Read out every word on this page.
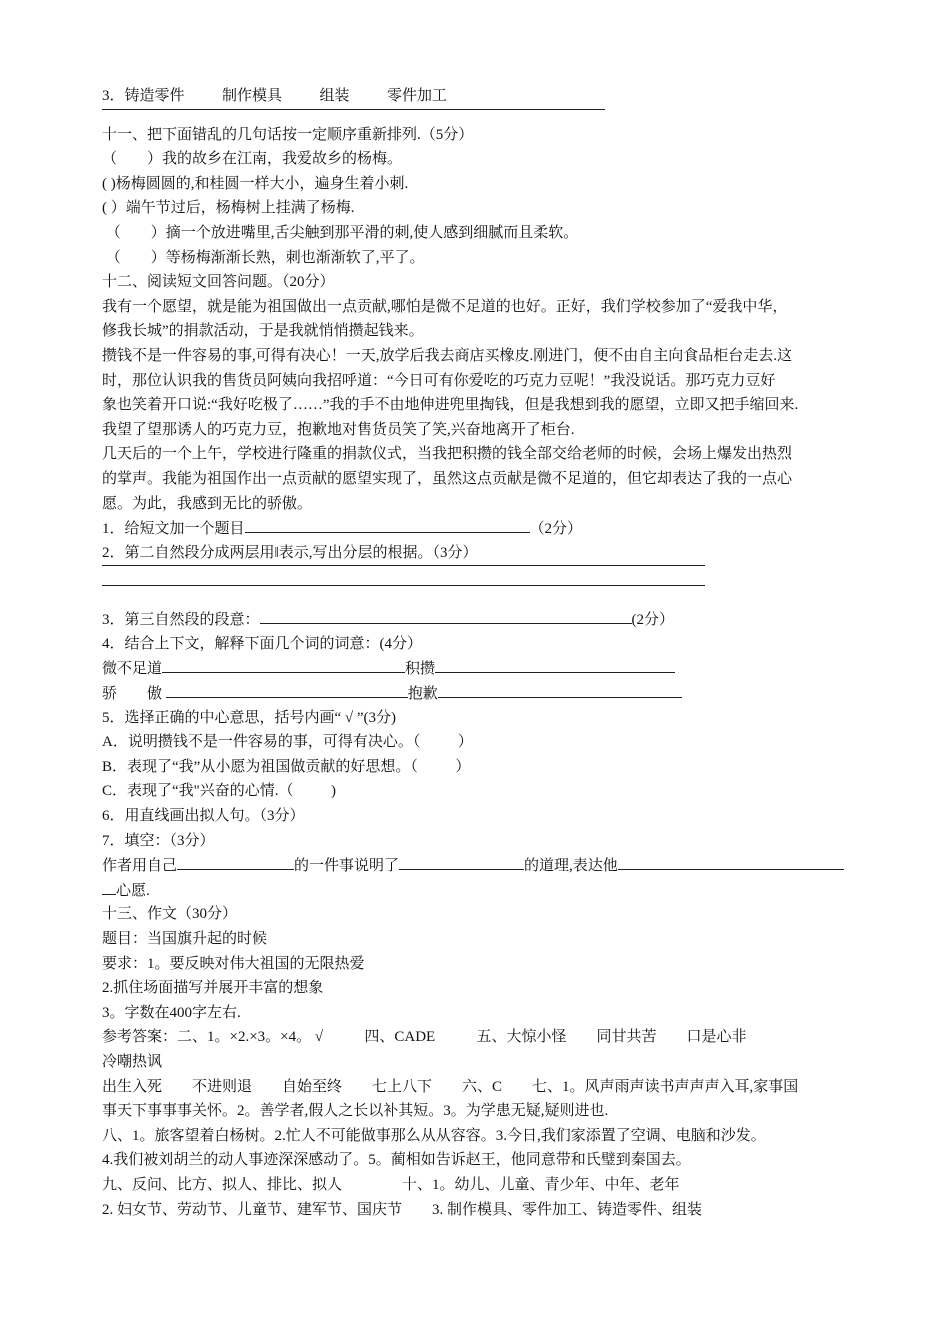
3．铸造零件          制作模具          组装          零件加工
十一、把下面错乱的几句话按一定顺序重新排列.（5分）
（        ）我的故乡在江南，我爱故乡的杨梅。
( )杨梅圆圆的,和桂圆一样大小，遍身生着小刺.
( ）端午节过后，杨梅树上挂满了杨梅.
（        ）摘一个放进嘴里,舌尖触到那平滑的刺,使人感到细腻而且柔软。
（        ）等杨梅渐渐长熟，刺也渐渐软了,平了。
十二、阅读短文回答问题。（20分）
我有一个愿望，就是能为祖国做出一点贡献,哪怕是微不足道的也好。正好，我们学校参加了“爱我中华，
修我长城”的捐款活动，于是我就悄悄攒起钱来。
攒钱不是一件容易的事,可得有决心！一天,放学后我去商店买橡皮.刚进门，便不由自主向食品柜台走去.这
时，那位认识我的售货员阿姨向我招呼道：“今日可有你爱吃的巧克力豆呢！”我没说话。那巧克力豆好
象也笑着开口说:“我好吃极了……”我的手不由地伸进兜里掏钱，但是我想到我的愿望，立即又把手缩回来.
我望了望那诱人的巧克力豆，抱歉地对售货员笑了笑,兴奋地离开了柜台.
几天后的一个上午，学校进行隆重的捐款仪式，当我把积攒的钱全部交给老师的时候，会场上爆发出热烈
的掌声。我能为祖国作出一点贡献的愿望实现了，虽然这点贡献是微不足道的，但它却表达了我的一点心
愿。为此，我感到无比的骄傲。
1．给短文加一个题目	（2分）
2．第二自然段分成两层用‖表示,写出分层的根据。（3分）
3．第三自然段的段意：	(2分）
4．结合上下文，解释下面几个词的词意：(4分）
微不足道	积攒
骄        傲	抱歉
5．选择正确的中心意思，括号内画“ √ ”(3分)
A．说明攒钱不是一件容易的事，可得有决心。（          ）
B．表现了“我”从小愿为祖国做贡献的好思想。（          ）
C．表现了“我"兴奋的心情.（          )
6．用直线画出拟人句。（3分）
7．填空：（3分）
作者用自己	的一件事说明了	的道理,表达他
心愿.
十三、作文（30分）
题目：当国旗升起的时候
要求：1。要反映对伟大祖国的无限热爱
2.抓住场面描写并展开丰富的想象
3。字数在400字左右.
参考答案：二、1。×2.×3。×4。 √           四、CADE           五、大惊小怪        同甘共苦        口是心非
冷嘲热讽
出生入死        不进则退        自始至终        七上八下        六、C        七、1。风声雨声读书声声声入耳,家事国
事天下事事事关怀。2。善学者,假人之长以补其短。3。为学患无疑,疑则进也.
八、1。旅客望着白杨树。2.忙人不可能做事那么从从容容。3.今日,我们家添置了空调、电脑和沙发。
4.我们被刘胡兰的动人事迹深深感动了。5。蔺相如告诉赵王，他同意带和氏璧到秦国去。
九、反问、比方、拟人、排比、拟人                十、1。幼儿、儿童、青少年、中年、老年
2. 妇女节、劳动节、儿童节、建军节、国庆节        3. 制作模具、零件加工、铸造零件、组装
